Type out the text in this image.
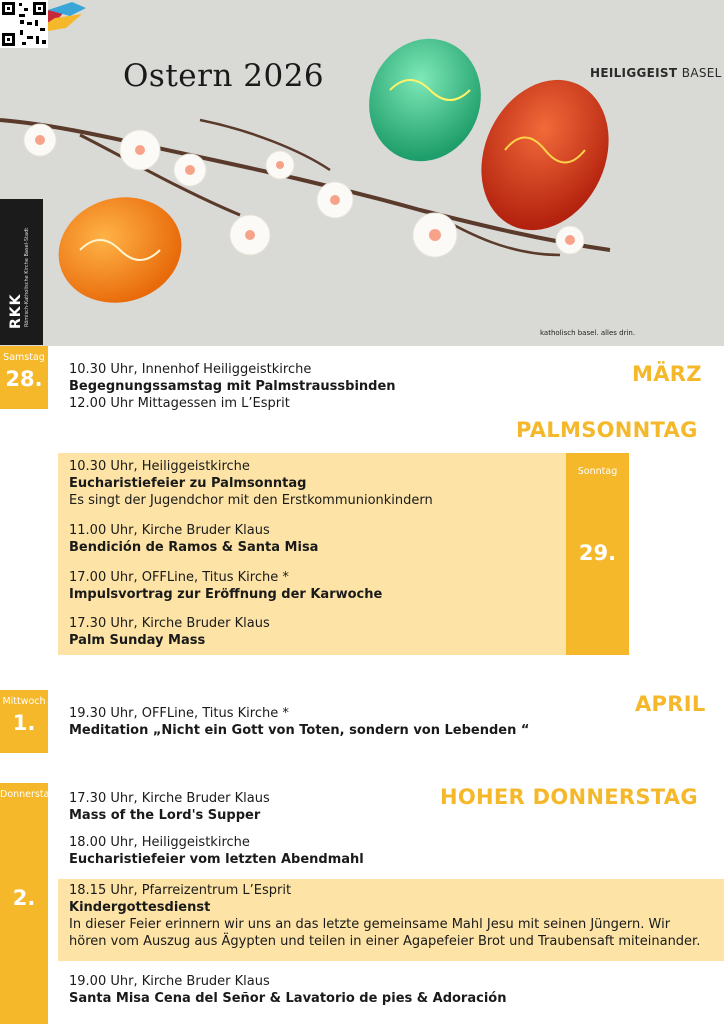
Ostern 2026	HEILIGGEIST BASEL
RKK Römisch-Katholische Kirche Basel-Stadt
katholisch basel. alles drin.
Samstag
28.	MÄRZ
10.30 Uhr, Innenhof Heiliggeistkirche
Begegnungssamstag mit Palmstraussbinden
12.00 Uhr Mittagessen im L’Esprit
PALMSONNTAG
Sonntag
29.
10.30 Uhr, Heiliggeistkirche
Eucharistiefeier zu Palmsonntag
Es singt der Jugendchor mit den Erstkommunionkindern
11.00 Uhr, Kirche Bruder Klaus
Bendición de Ramos & Santa Misa
17.00 Uhr, OFFLine, Titus Kirche *
Impulsvortrag zur Eröffnung der Karwoche
17.30 Uhr, Kirche Bruder Klaus
Palm Sunday Mass
Mittwoch
1.
APRIL
19.30 Uhr, OFFLine, Titus Kirche *
Meditation „Nicht ein Gott von Toten, sondern von Lebenden “
Donnerstag
2.
HOHER DONNERSTAG
17.30 Uhr, Kirche Bruder Klaus
Mass of the Lord's Supper
18.00 Uhr, Heiliggeistkirche
Eucharistiefeier vom letzten Abendmahl
18.15 Uhr, Pfarreizentrum L’Esprit
Kindergottesdienst
In dieser Feier erinnern wir uns an das letzte gemeinsame Mahl Jesu mit seinen Jüngern. Wir
hören vom Auszug aus Ägypten und teilen in einer Agapefeier Brot und Traubensaft miteinander.
19.00 Uhr, Kirche Bruder Klaus
Santa Misa Cena del Señor & Lavatorio de pies & Adoración
